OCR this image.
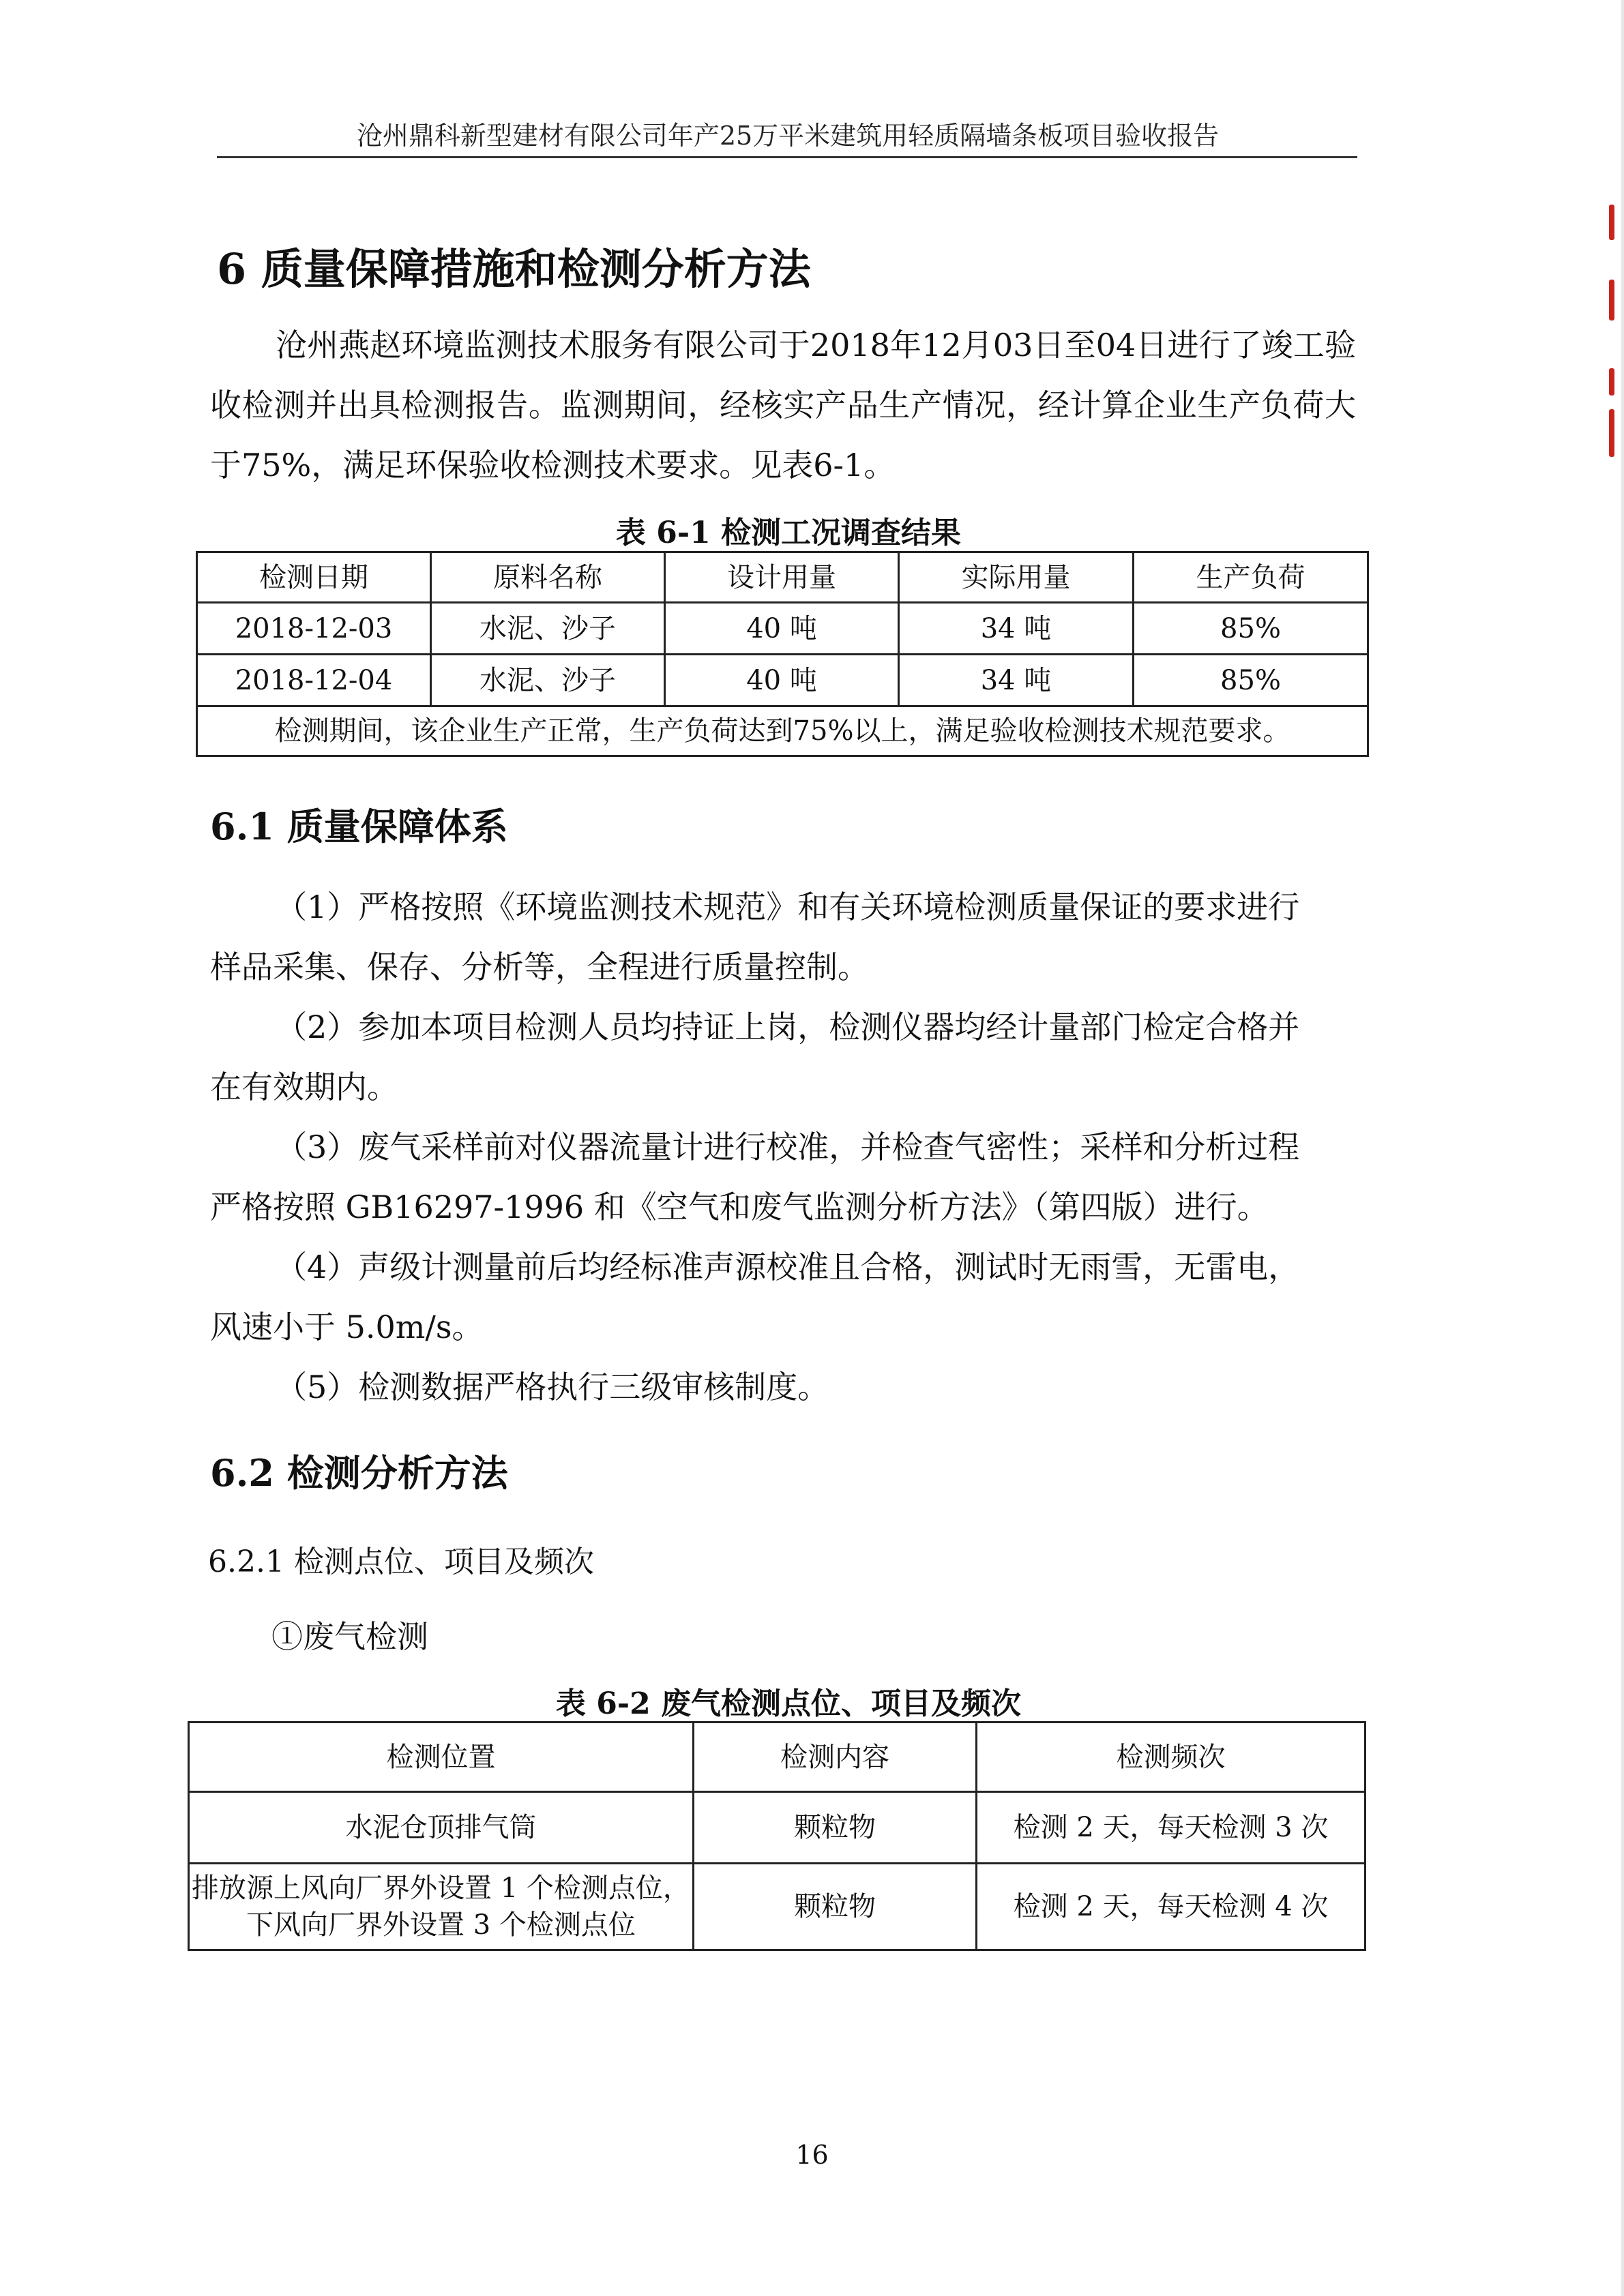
沧州鼎科新型建材有限公司年产25万平米建筑用轻质隔墙条板项目验收报告
6 质量保障措施和检测分析方法

沧州燕赵环境监测技术服务有限公司于2018年12月03日至04日进行了竣工验收检测并出具检测报告。监测期间，经核实产品生产情况，经计算企业生产负荷大于75%，满足环保验收检测技术要求。见表6-1。

表 6-1 检测工况调查结果
检测日期	原料名称	设计用量	实际用量	生产负荷
2018-12-03	水泥、沙子	40 吨	34 吨	85%
2018-12-04	水泥、沙子	40 吨	34 吨	85%
检测期间，该企业生产正常，生产负荷达到75%以上，满足验收检测技术规范要求。				
6.1 质量保障体系
（1）严格按照《环境监测技术规范》和有关环境检测质量保证的要求进行
样品采集、保存、分析等，全程进行质量控制。
（2）参加本项目检测人员均持证上岗，检测仪器均经计量部门检定合格并
在有效期内。
（3）废气采样前对仪器流量计进行校准，并检查气密性；采样和分析过程
严格按照 GB16297-1996 和《空气和废气监测分析方法》（第四版）进行。
（4）声级计测量前后均经标准声源校准且合格，测试时无雨雪，无雷电，
风速小于 5.0m/s。
（5）检测数据严格执行三级审核制度。
6.2 检测分析方法
6.2.1 检测点位、项目及频次
①废气检测
表 6-2 废气检测点位、项目及频次
检测位置	检测内容	检测频次
水泥仓顶排气筒	颗粒物	检测 2 天，每天检测 3 次

排放源上风向厂界外设置 1 个检测点位，
下风向厂界外设置 3 个检测点位	颗粒物	检测 2 天，每天检测 4 次
16
